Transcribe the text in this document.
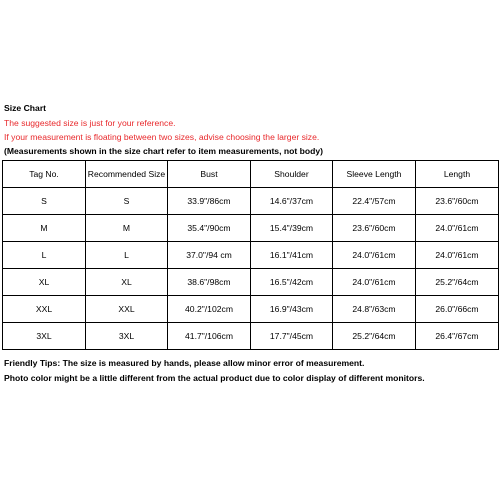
Size Chart
The suggested size is just for your reference.
If your measurement is floating between two sizes, advise choosing the larger size.
(Measurements shown in the size chart refer to item measurements, not body)
Tag No.	Recommended Size	Bust	Shoulder	Sleeve Length	Length
S	S	33.9"/86cm	14.6"/37cm	22.4"/57cm	23.6"/60cm
M	M	35.4"/90cm	15.4"/39cm	23.6"/60cm	24.0"/61cm
L	L	37.0"/94 cm	16.1"/41cm	24.0"/61cm	24.0"/61cm
XL	XL	38.6"/98cm	16.5"/42cm	24.0"/61cm	25.2"/64cm
XXL	XXL	40.2"/102cm	16.9"/43cm	24.8"/63cm	26.0"/66cm
3XL	3XL	41.7"/106cm	17.7"/45cm	25.2"/64cm	26.4"/67cm
Friendly Tips: The size is measured by hands, please allow minor error of measurement.
Photo color might be a little different from the actual product due to color display of different monitors.
